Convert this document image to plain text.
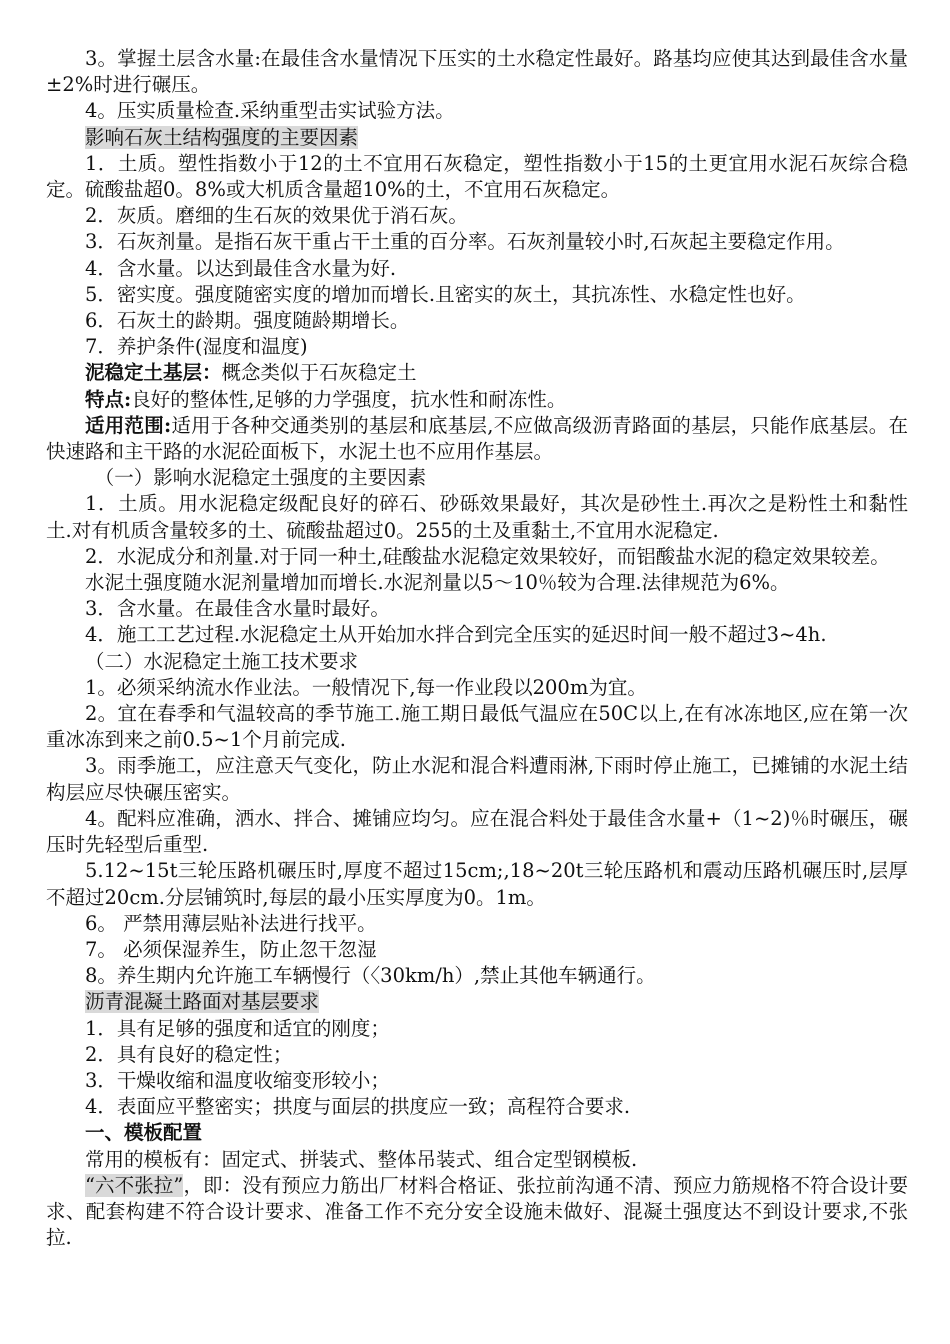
3。掌握土层含水量:在最佳含水量情况下压实的土水稳定性最好。路基均应使其达到最佳含水量±2%时进行碾压。

4。压实质量检查.采纳重型击实试验方法。

影响石灰土结构强度的主要因素

1．土质。塑性指数小于12的土不宜用石灰稳定，塑性指数小于15的土更宜用水泥石灰综合稳定。硫酸盐超0。8%或大机质含量超10%的土，不宜用石灰稳定。

2．灰质。磨细的生石灰的效果优于消石灰。

3．石灰剂量。是指石灰干重占干土重的百分率。石灰剂量较小时,石灰起主要稳定作用。

4．含水量。以达到最佳含水量为好.

5．密实度。强度随密实度的增加而增长.且密实的灰土，其抗冻性、水稳定性也好。

6．石灰土的龄期。强度随龄期增长。

7．养护条件(湿度和温度)

泥稳定土基层：概念类似于石灰稳定土

特点:良好的整体性,足够的力学强度，抗水性和耐冻性。

适用范围:适用于各种交通类别的基层和底基层,不应做高级沥青路面的基层，只能作底基层。在快速路和主干路的水泥砼面板下，水泥土也不应用作基层。

（一）影响水泥稳定土强度的主要因素

1．土质。用水泥稳定级配良好的碎石、砂砾效果最好，其次是砂性土.再次之是粉性土和黏性土.对有机质含量较多的土、硫酸盐超过0。255的土及重黏土,不宜用水泥稳定.

2．水泥成分和剂量.对于同一种土,硅酸盐水泥稳定效果较好，而铝酸盐水泥的稳定效果较差。

水泥土强度随水泥剂量增加而增长.水泥剂量以5～10％较为合理.法律规范为6%。

3．含水量。在最佳含水量时最好。

4．施工工艺过程.水泥稳定土从开始加水拌合到完全压实的延迟时间一般不超过3~4h.

（二）水泥稳定土施工技术要求

1。必须采纳流水作业法。一般情况下,每一作业段以200m为宜。

2。宜在春季和气温较高的季节施工.施工期日最低气温应在50C以上,在有冰冻地区,应在第一次重冰冻到来之前0.5~1个月前完成.

3。雨季施工，应注意天气变化，防止水泥和混合料遭雨淋,下雨时停止施工，已摊铺的水泥土结构层应尽快碾压密实。

4。配料应准确，洒水、拌合、摊铺应均匀。应在混合料处于最佳含水量+（1~2)％时碾压，碾压时先轻型后重型.

5.12~15t三轮压路机碾压时,厚度不超过15cm;,18~20t三轮压路机和震动压路机碾压时,层厚不超过20cm.分层铺筑时,每层的最小压实厚度为0。1m。

6。 严禁用薄层贴补法进行找平。

7。 必须保湿养生，防止忽干忽湿

8。养生期内允许施工车辆慢行（〈30km/h）,禁止其他车辆通行。

沥青混凝土路面对基层要求

1．具有足够的强度和适宜的刚度；

2．具有良好的稳定性；

3．干燥收缩和温度收缩变形较小；

4．表面应平整密实；拱度与面层的拱度应一致；高程符合要求.

一、模板配置

常用的模板有：固定式、拼装式、整体吊装式、组合定型钢模板.

“六不张拉”，即：没有预应力筋出厂材料合格证、张拉前沟通不清、预应力筋规格不符合设计要求、配套构建不符合设计要求、准备工作不充分安全设施未做好、混凝土强度达不到设计要求,不张拉.
